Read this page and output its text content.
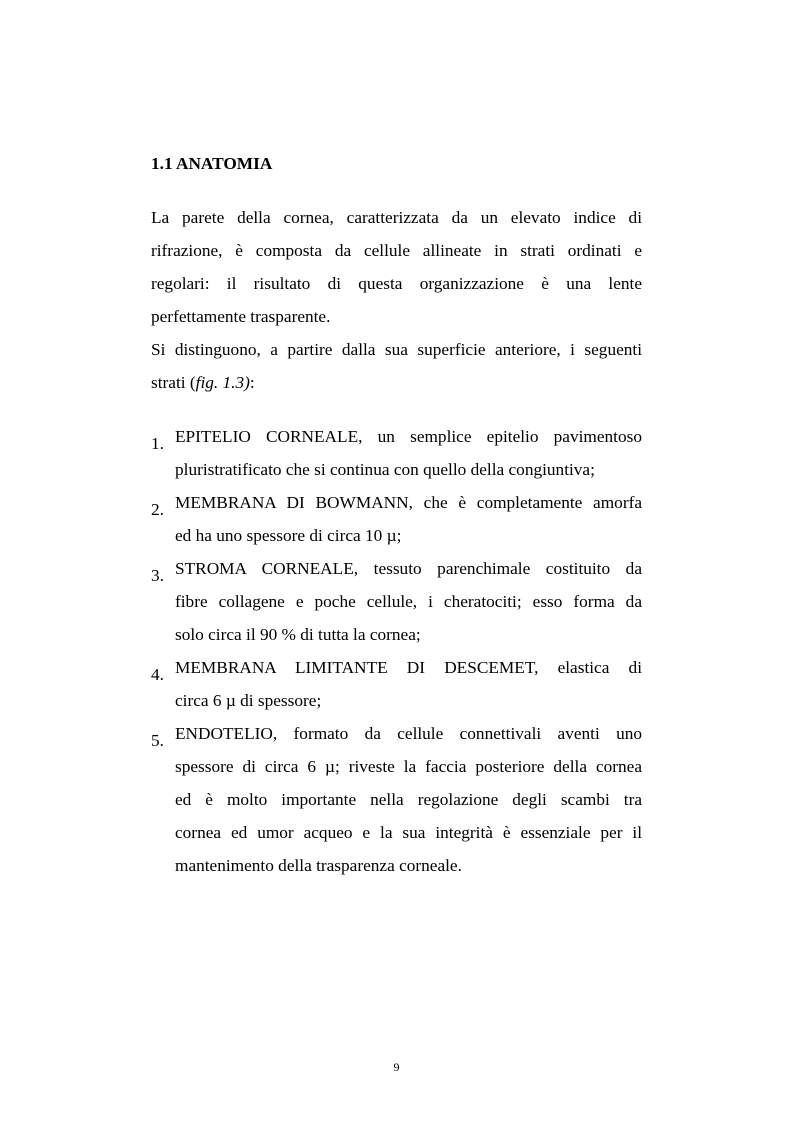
1.1 ANATOMIA

La parete della cornea, caratterizzata da un elevato indice di
rifrazione, è composta da cellule allineate in strati ordinati e
regolari: il risultato di questa organizzazione è una lente
perfettamente trasparente.

Si distinguono, a partire dalla sua superficie anteriore, i seguenti
strati (fig. 1.3):

1. EPITELIO CORNEALE, un semplice epitelio pavimentoso
pluristratificato che si continua con quello della congiuntiva;
2. MEMBRANA DI BOWMANN, che è completamente amorfa
ed ha uno spessore di circa 10 µ;
3. STROMA CORNEALE, tessuto parenchimale costituito da
fibre collagene e poche cellule, i cheratociti; esso forma da
solo circa il 90 % di tutta la cornea;
4. MEMBRANA LIMITANTE DI DESCEMET, elastica di
circa 6 µ di spessore;
5. ENDOTELIO, formato da cellule connettivali aventi uno
spessore di circa 6 µ; riveste la faccia posteriore della cornea
ed è molto importante nella regolazione degli scambi tra
cornea ed umor acqueo e la sua integrità è essenziale per il
mantenimento della trasparenza corneale.
9
